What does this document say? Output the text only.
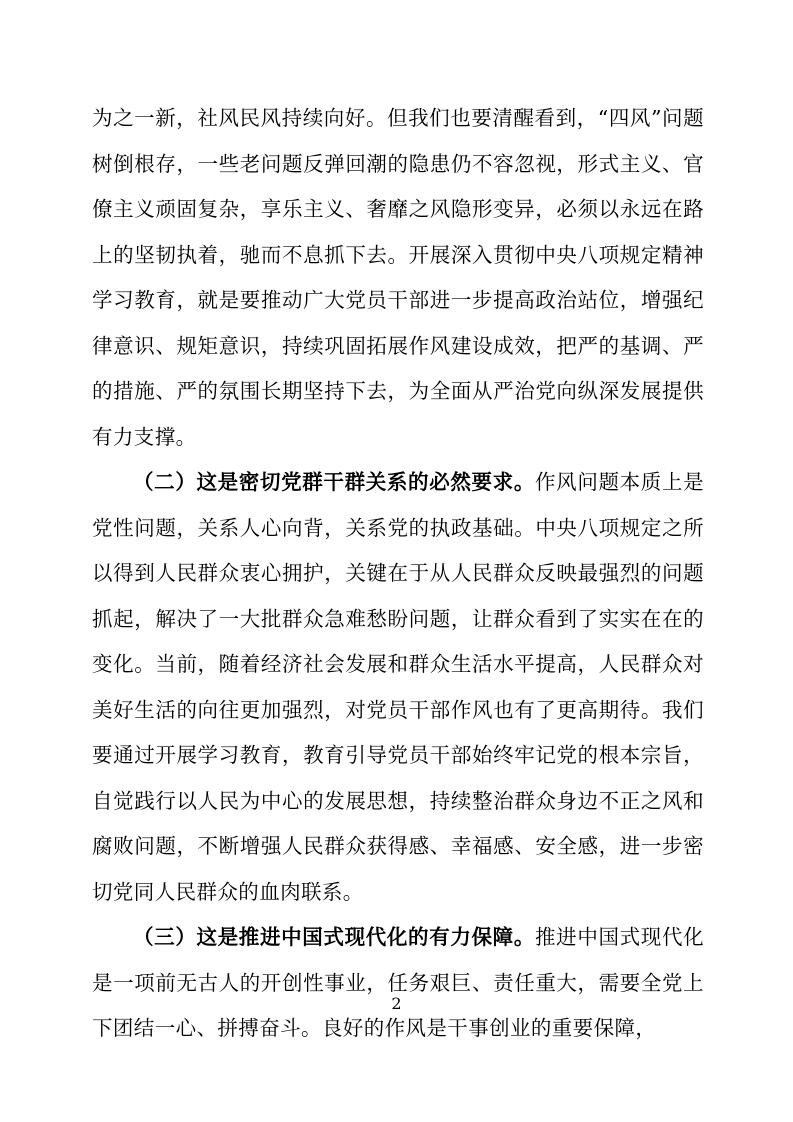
为之一新，社风民风持续向好。但我们也要清醒看到，“四风”问题树倒根存，一些老问题反弹回潮的隐患仍不容忽视，形式主义、官僚主义顽固复杂，享乐主义、奢靡之风隐形变异，必须以永远在路上的坚韧执着，驰而不息抓下去。开展深入贯彻中央八项规定精神学习教育，就是要推动广大党员干部进一步提高政治站位，增强纪律意识、规矩意识，持续巩固拓展作风建设成效，把严的基调、严的措施、严的氛围长期坚持下去，为全面从严治党向纵深发展提供有力支撑。

（二）这是密切党群干群关系的必然要求。作风问题本质上是党性问题，关系人心向背，关系党的执政基础。中央八项规定之所以得到人民群众衷心拥护，关键在于从人民群众反映最强烈的问题抓起，解决了一大批群众急难愁盼问题，让群众看到了实实在在的变化。当前，随着经济社会发展和群众生活水平提高，人民群众对美好生活的向往更加强烈，对党员干部作风也有了更高期待。我们要通过开展学习教育，教育引导党员干部始终牢记党的根本宗旨，自觉践行以人民为中心的发展思想，持续整治群众身边不正之风和腐败问题，不断增强人民群众获得感、幸福感、安全感，进一步密切党同人民群众的血肉联系。

（三）这是推进中国式现代化的有力保障。推进中国式现代化是一项前无古人的开创性事业，任务艰巨、责任重大，需要全党上下团结一心、拼搏奋斗。良好的作风是干事创业的重要保障，

2
